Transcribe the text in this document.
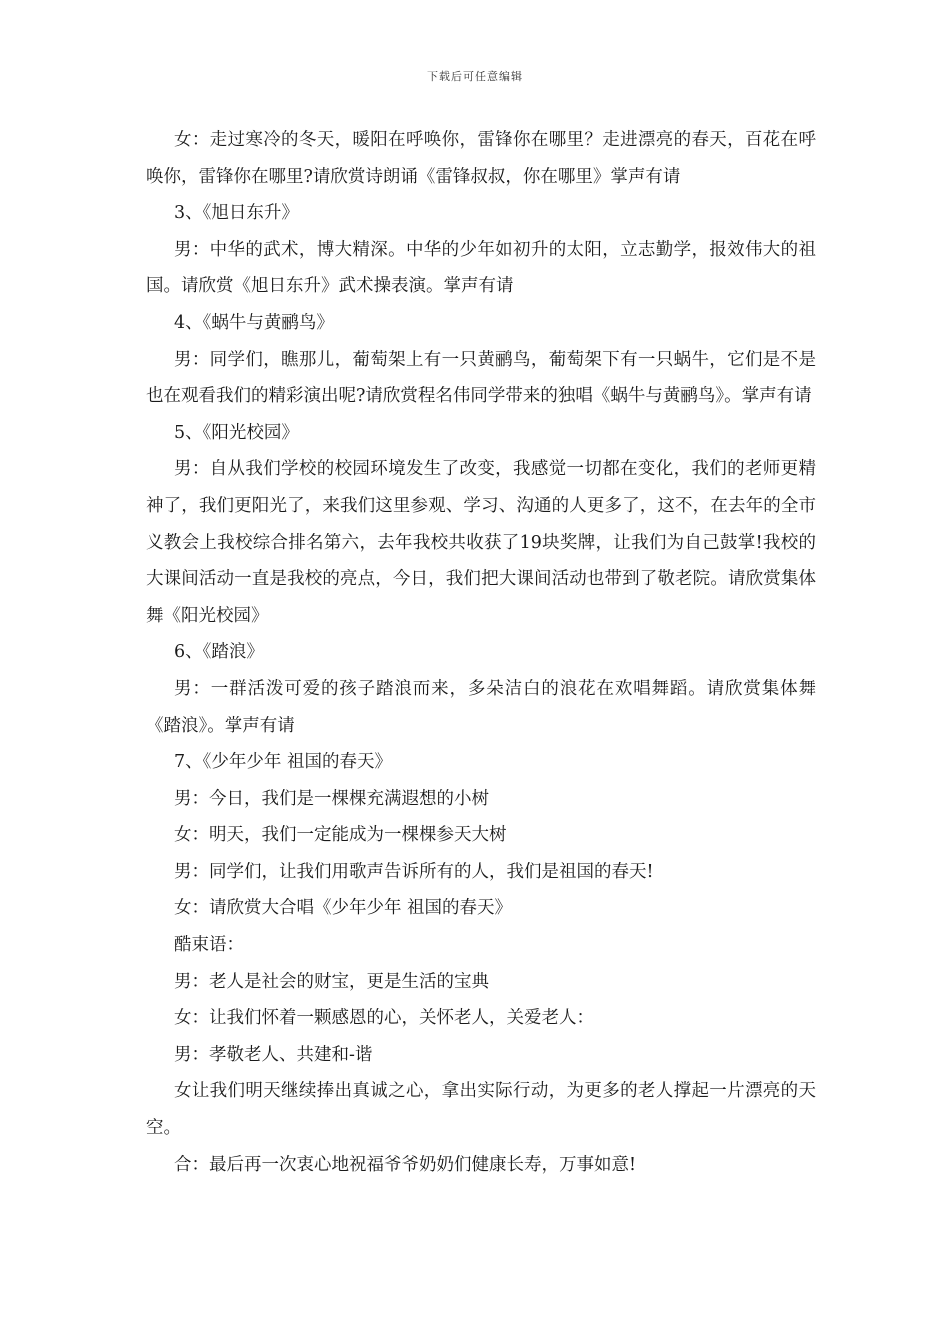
下载后可任意编辑

女：走过寒冷的冬天，暖阳在呼唤你，雷锋你在哪里？走进漂亮的春天，百花在呼唤你，雷锋你在哪里?请欣赏诗朗诵《雷锋叔叔，你在哪里》掌声有请

3、《旭日东升》

男：中华的武术，博大精深。中华的少年如初升的太阳，立志勤学，报效伟大的祖国。请欣赏《旭日东升》武术操表演。掌声有请

4、《蜗牛与黄鹂鸟》

男：同学们，瞧那儿，葡萄架上有一只黄鹂鸟，葡萄架下有一只蜗牛，它们是不是也在观看我们的精彩演出呢?请欣赏程名伟同学带来的独唱《蜗牛与黄鹂鸟》。掌声有请

5、《阳光校园》

男：自从我们学校的校园环境发生了改变，我感觉一切都在变化，我们的老师更精神了，我们更阳光了，来我们这里参观、学习、沟通的人更多了，这不，在去年的全市义教会上我校综合排名第六，去年我校共收获了19块奖牌，让我们为自己鼓掌!我校的大课间活动一直是我校的亮点，今日，我们把大课间活动也带到了敬老院。请欣赏集体舞《阳光校园》

6、《踏浪》

男：一群活泼可爱的孩子踏浪而来，多朵洁白的浪花在欢唱舞蹈。请欣赏集体舞《踏浪》。掌声有请

7、《少年少年 祖国的春天》

男：今日，我们是一棵棵充满遐想的小树

女：明天，我们一定能成为一棵棵参天大树

男：同学们，让我们用歌声告诉所有的人，我们是祖国的春天!

女：请欣赏大合唱《少年少年 祖国的春天》

酷束语：

男：老人是社会的财宝，更是生活的宝典

女：让我们怀着一颗感恩的心，关怀老人，关爱老人：

男：孝敬老人、共建和-谐

女让我们明天继续捧出真诚之心，拿出实际行动，为更多的老人撑起一片漂亮的天空。

合：最后再一次衷心地祝福爷爷奶奶们健康长寿，万事如意!
